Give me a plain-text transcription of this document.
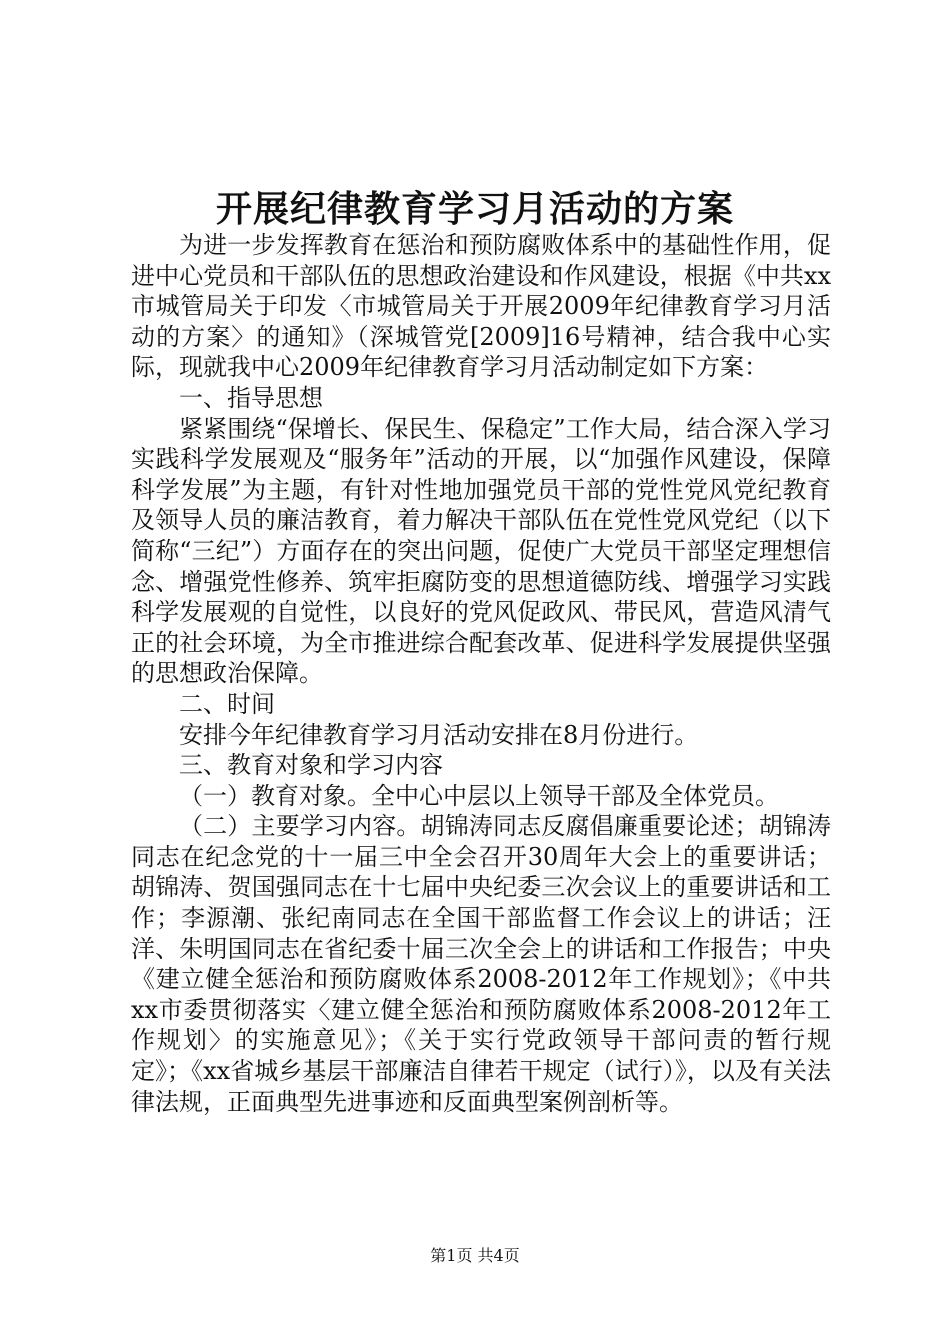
开展纪律教育学习月活动的方案

为进一步发挥教育在惩治和预防腐败体系中的基础性作用，促进中心党员和干部队伍的思想政治建设和作风建设，根据《中共xx市城管局关于印发〈市城管局关于开展2009年纪律教育学习月活动的方案〉的通知》（深城管党[2009]16号精神，结合我中心实际，现就我中心2009年纪律教育学习月活动制定如下方案：

一、指导思想

紧紧围绕“保增长、保民生、保稳定”工作大局，结合深入学习实践科学发展观及“服务年”活动的开展，以“加强作风建设，保障科学发展”为主题，有针对性地加强党员干部的党性党风党纪教育及领导人员的廉洁教育，着力解决干部队伍在党性党风党纪（以下简称“三纪”）方面存在的突出问题，促使广大党员干部坚定理想信念、增强党性修养、筑牢拒腐防变的思想道德防线、增强学习实践科学发展观的自觉性，以良好的党风促政风、带民风，营造风清气正的社会环境，为全市推进综合配套改革、促进科学发展提供坚强的思想政治保障。

二、时间

安排今年纪律教育学习月活动安排在8月份进行。

三、教育对象和学习内容

（一）教育对象。全中心中层以上领导干部及全体党员。

（二）主要学习内容。胡锦涛同志反腐倡廉重要论述；胡锦涛同志在纪念党的十一届三中全会召开30周年大会上的重要讲话；胡锦涛、贺国强同志在十七届中央纪委三次会议上的重要讲话和工作；李源潮、张纪南同志在全国干部监督工作会议上的讲话；汪洋、朱明国同志在省纪委十届三次全会上的讲话和工作报告；中央《建立健全惩治和预防腐败体系2008-2012年工作规划》；《中共xx市委贯彻落实〈建立健全惩治和预防腐败体系2008-2012年工作规划〉的实施意见》；《关于实行党政领导干部问责的暂行规定》；《xx省城乡基层干部廉洁自律若干规定（试行）》，以及有关法律法规，正面典型先进事迹和反面典型案例剖析等。

第1页 共4页
